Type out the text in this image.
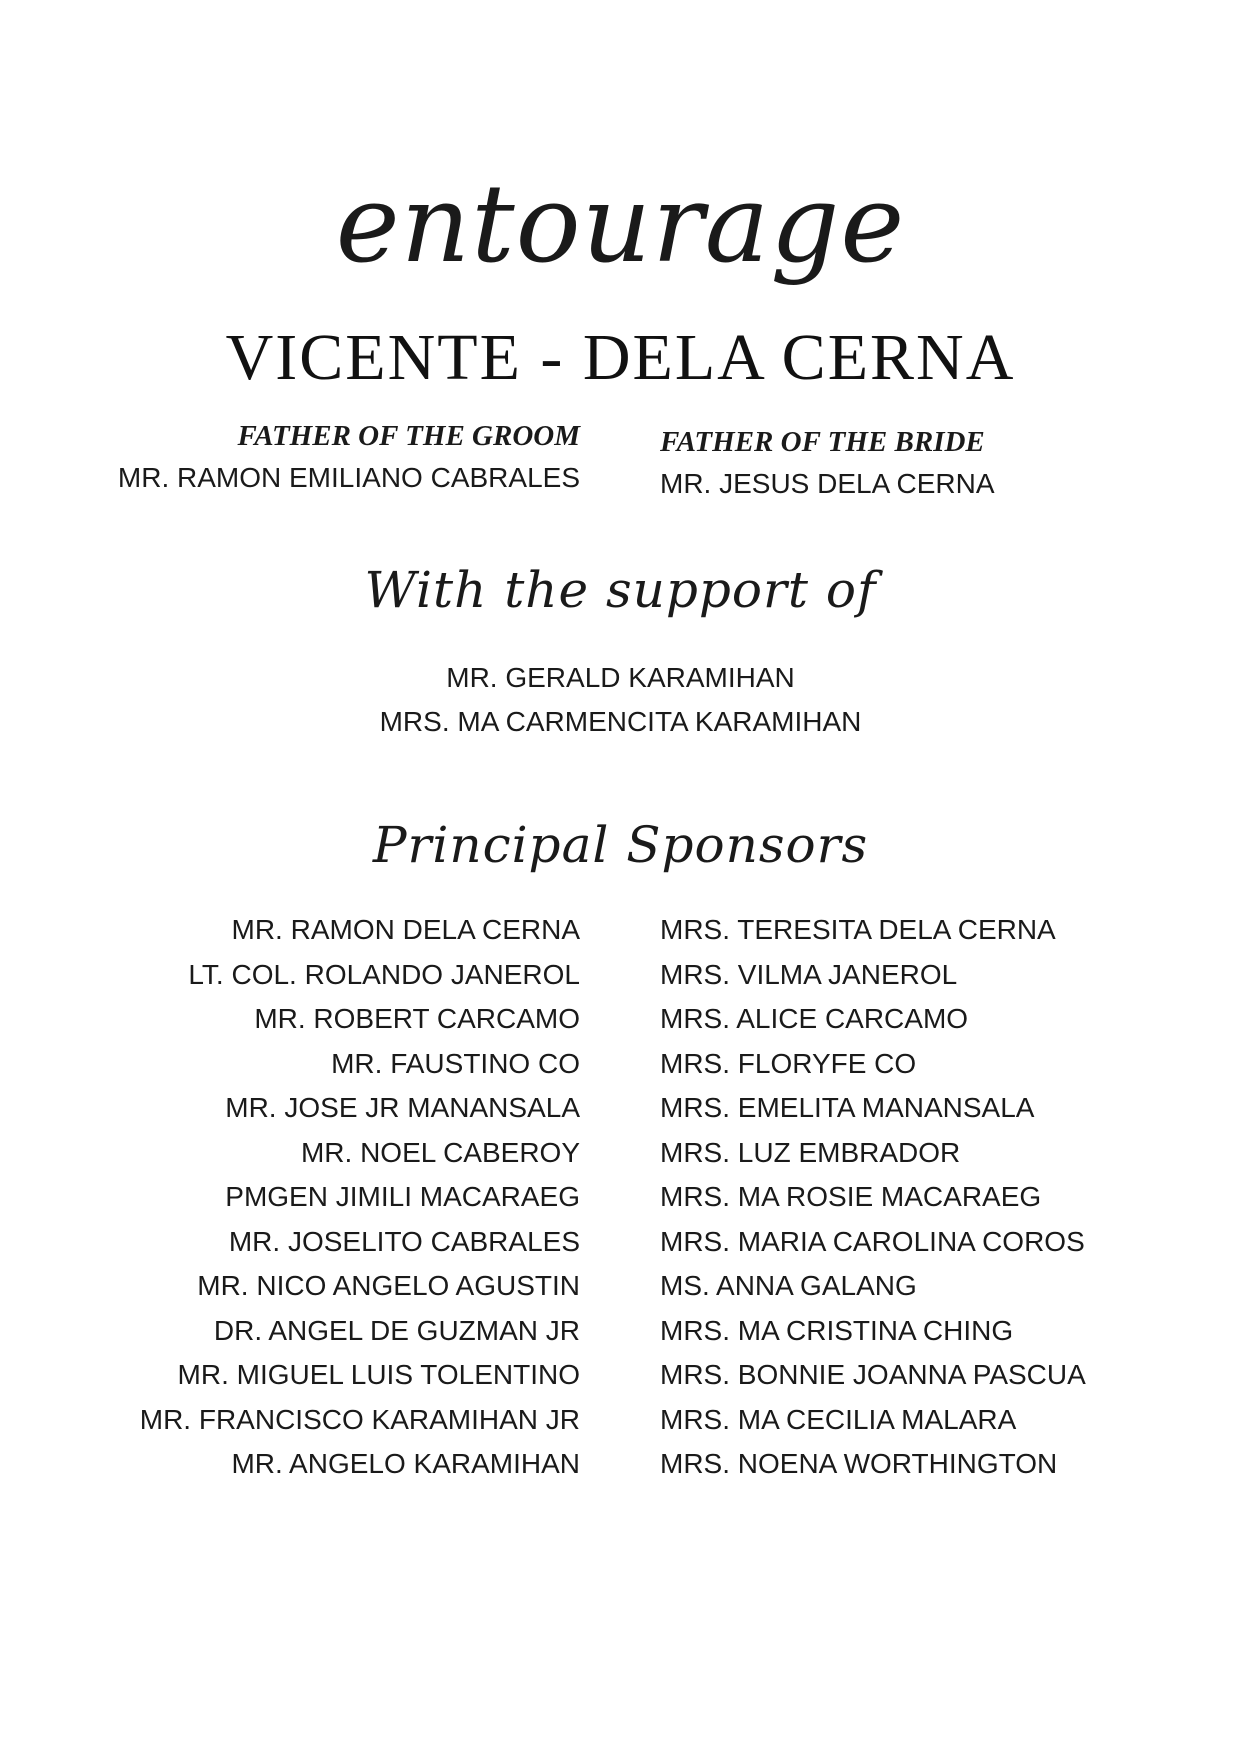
entourage
VICENTE - DELA CERNA
FATHER OF THE GROOM
MR. RAMON EMILIANO CABRALES
FATHER OF THE BRIDE
MR. JESUS DELA CERNA
With the support of
MR. GERALD KARAMIHAN
MRS. MA CARMENCITA KARAMIHAN
Principal Sponsors
MR. RAMON DELA CERNA
LT. COL. ROLANDO JANEROL
MR. ROBERT CARCAMO
MR. FAUSTINO CO
MR. JOSE JR MANANSALA
MR. NOEL CABEROY
PMGEN JIMILI MACARAEG
MR. JOSELITO CABRALES
MR. NICO ANGELO AGUSTIN
DR. ANGEL DE GUZMAN JR
MR. MIGUEL LUIS TOLENTINO
MR. FRANCISCO KARAMIHAN JR
MR. ANGELO KARAMIHAN
MRS. TERESITA DELA CERNA
MRS. VILMA JANEROL
MRS. ALICE CARCAMO
MRS. FLORYFE CO
MRS. EMELITA MANANSALA
MRS. LUZ EMBRADOR
MRS. MA ROSIE MACARAEG
MRS. MARIA CAROLINA COROS
MS. ANNA GALANG
MRS. MA CRISTINA CHING
MRS. BONNIE JOANNA PASCUA
MRS. MA CECILIA MALARA
MRS. NOENA WORTHINGTON
